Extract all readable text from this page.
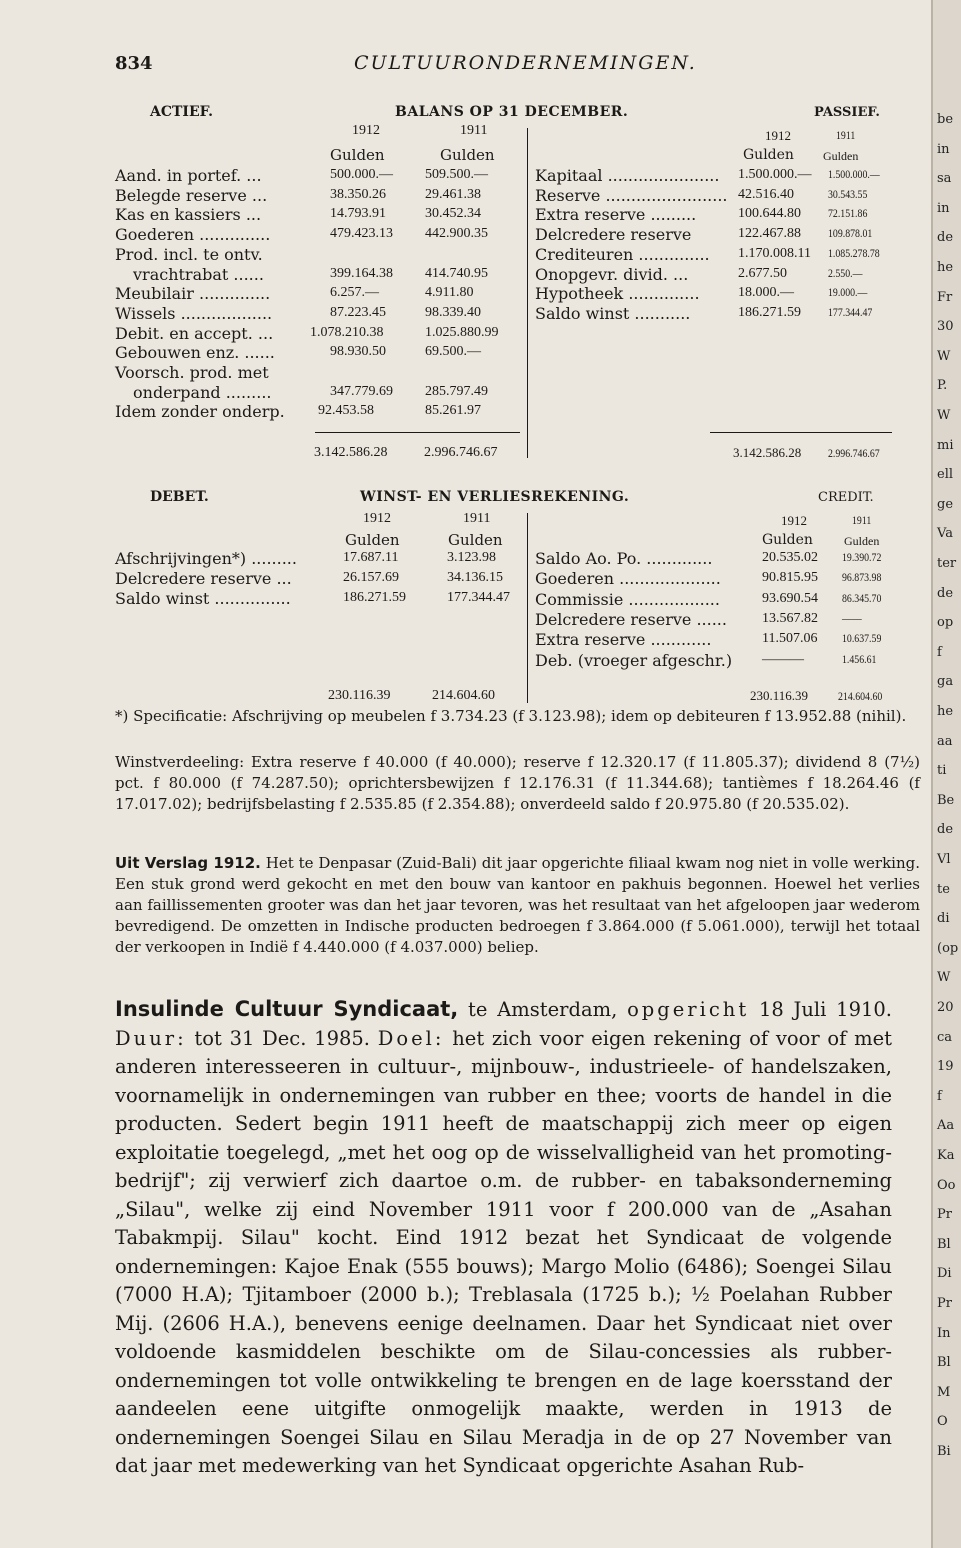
834	CULTUURONDERNEMINGEN.
ACTIEF.	BALANS OP 31 DECEMBER.	PASSIEF.
1912	1911
Gulden	Gulden
1912	1911
Gulden Gulden
Aand. in portef. ...	500.000.— 509.500.—
Belegde reserve ...	38.350.26	29.461.38
Kas en kassiers ...	14.793.91	30.452.34
Goederen ..............	479.423.13 442.900.35
Prod. incl. te ontv.
vrachtrabat ......	399.164.38 414.740.95
Meubilair ..............	6.257.—	4.911.80
Wissels ..................	87.223.45	98.339.40
Debit. en accept. ...	1.078.210.38	1.025.880.99
Gebouwen enz. ......	98.930.50	69.500.—
Voorsch. prod. met
onderpand .........	347.779.69 285.797.49
Idem zonder onderp. 92.453.58	85.261.97
Kapitaal ...................... 1.500.000.— 1.500.000.—
Reserve ........................ 42.516.40	30.543.55
Extra reserve .........	100.644.80 72.151.86
Delcredere reserve	122.467.88 109.878.01
Crediteuren .............. 1.170.008.11 1.085.278.78
Onopgevr. divid. ...	2.677.50	2.550.—
Hypotheek ..............	18.000.—	19.000.—
Saldo winst ...........	186.271.59 177.344.47
3.142.586.28	2.996.746.67	3.142.586.28 2.996.746.67
DEBET.	WINST- EN VERLIESREKENING.	CREDIT.
1912	1911
Gulden	Gulden
1912	1911
Gulden	Gulden
Afschrijvingen*) .........	17.687.11	3.123.98
Delcredere reserve ...	26.157.69	34.136.15
Saldo winst ...............	186.271.59	177.344.47
Saldo Ao. Po. .............	20.535.02 19.390.72
Goederen ....................	90.815.95 96.873.98
Commissie ..................	93.690.54 86.345.70
Delcredere reserve ......	13.567.82 ——
Extra reserve ............	11.507.06 10.637.59
Deb. (vroeger afgeschr.) ———	1.456.61
230.116.39	214.604.60	230.116.39 214.604.60
*) Specificatie: Afschrijving op meubelen f 3.734.23 (f 3.123.98); idem op debiteuren f 13.952.88 (nihil).
Winstverdeeling: Extra reserve f 40.000 (f 40.000); reserve f 12.320.17 (f 11.805.37); dividend 8 (7½) pct. f 80.000 (f 74.287.50); oprichtersbewijzen f 12.176.31 (f 11.344.68); tantièmes f 18.264.46 (f 17.017.02); bedrijfsbelasting f 2.535.85 (f 2.354.88); onverdeeld saldo f 20.975.80 (f 20.535.02).
Uit Verslag 1912. Het te Denpasar (Zuid-Bali) dit jaar opgerichte filiaal kwam nog niet in volle werking. Een stuk grond werd gekocht en met den bouw van kantoor en pakhuis begonnen. Hoewel het verlies aan faillissementen grooter was dan het jaar tevoren, was het resultaat van het afgeloopen jaar wederom bevredigend. De omzetten in Indische producten bedroegen f 3.864.000 (f 5.061.000), terwijl het totaal der verkoopen in Indië f 4.440.000 (f 4.037.000) beliep.
Insulinde Cultuur Syndicaat, te Amsterdam, opgericht 18 Juli 1910. Duur: tot 31 Dec. 1985. Doel: het zich voor eigen rekening of voor of met anderen interesseeren in cultuur-, mijnbouw-, industrieele- of handelszaken, voornamelijk in ondernemingen van rubber en thee; voorts de handel in die producten. Sedert begin 1911 heeft de maatschappij zich meer op eigen exploitatie toegelegd, „met het oog op de wisselvalligheid van het promoting-bedrijf"; zij verwierf zich daartoe o.m. de rubber- en tabaksonderneming „Silau", welke zij eind November 1911 voor f 200.000 van de „Asahan Tabakmpij. Silau" kocht. Eind 1912 bezat het Syndicaat de volgende ondernemingen: Kajoe Enak (555 bouws); Margo Molio (6486); Soengei Silau (7000 H.A); Tjitamboer (2000 b.); Treblasala (1725 b.); ½ Poelahan Rubber Mij. (2606 H.A.), benevens eenige deelnamen. Daar het Syndicaat niet over voldoende kasmiddelen beschikte om de Silau-concessies als rubber-ondernemingen tot volle ontwikkeling te brengen en de lage koersstand der aandeelen eene uitgifte onmogelijk maakte, werden in 1913 de ondernemingen Soengei Silau en Silau Meradja in de op 27 November van dat jaar met medewerking van het Syndicaat opgerichte Asahan Rub-
be
in
sa
in
de
he
Fr
30
W
P.
W
mi
ell
ge
Va
ter
de
op
f
ga
he
aa
ti
Be
de
Vl
te
di
(op
W
20
ca
19
f
Aa
Ka
Oo
Pr
Bl
Di
Pr
In
Bl
M
O
Bi
